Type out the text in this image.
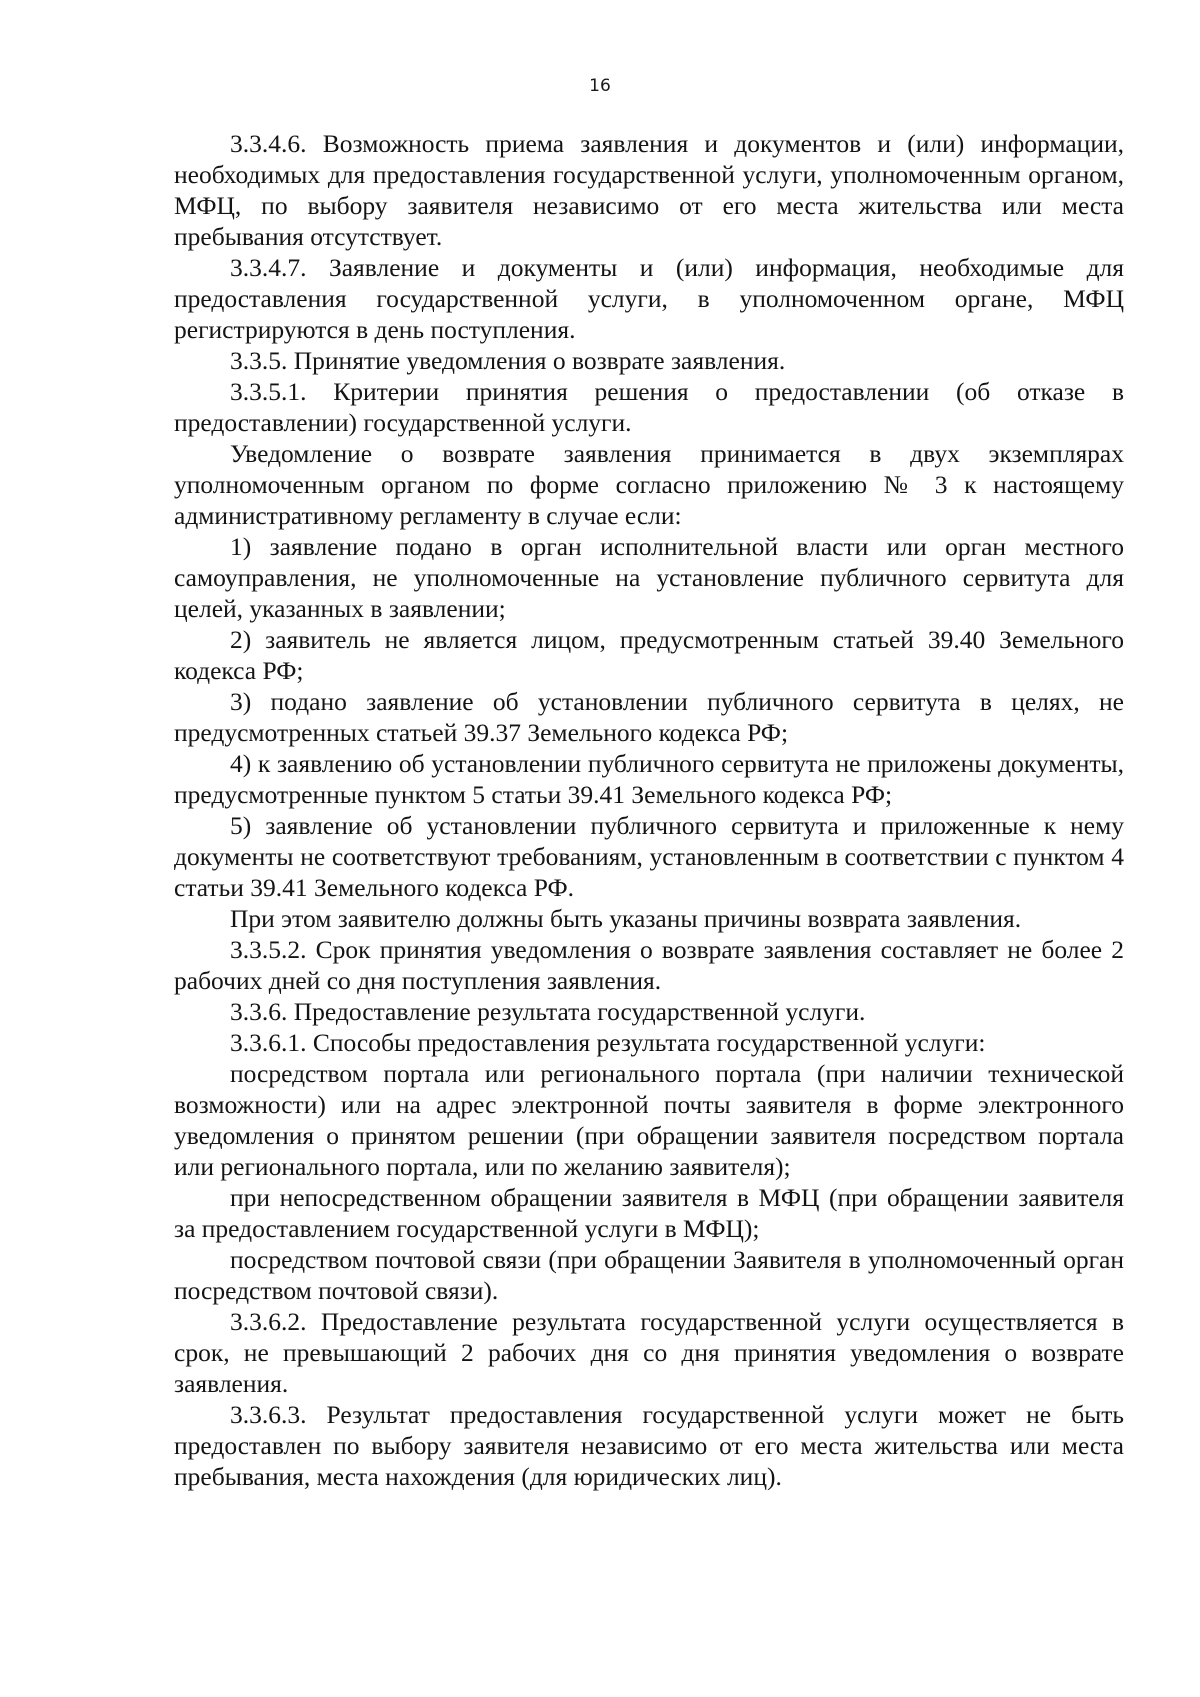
16

3.3.4.6. Возможность приема заявления и документов и (или) информации, необходимых для предоставления государственной услуги, уполномоченным органом, МФЦ, по выбору заявителя независимо от его места жительства или места пребывания отсутствует.

3.3.4.7. Заявление и документы и (или) информация, необходимые для предоставления государственной услуги, в уполномоченном органе, МФЦ регистрируются в день поступления.

3.3.5. Принятие уведомления о возврате заявления.

3.3.5.1. Критерии принятия решения о предоставлении (об отказе в предоставлении) государственной услуги.

Уведомление о возврате заявления принимается в двух экземплярах уполномоченным органом по форме согласно приложению № 3 к настоящему административному регламенту в случае если:

1) заявление подано в орган исполнительной власти или орган местного самоуправления, не уполномоченные на установление публичного сервитута для целей, указанных в заявлении;

2) заявитель не является лицом, предусмотренным статьей 39.40 Земельного кодекса РФ;

3) подано заявление об установлении публичного сервитута в целях, не предусмотренных статьей 39.37 Земельного кодекса РФ;

4) к заявлению об установлении публичного сервитута не приложены документы, предусмотренные пунктом 5 статьи 39.41 Земельного кодекса РФ;

5) заявление об установлении публичного сервитута и приложенные к нему документы не соответствуют требованиям, установленным в соответствии с пунктом 4 статьи 39.41 Земельного кодекса РФ.

При этом заявителю должны быть указаны причины возврата заявления.

3.3.5.2. Срок принятия уведомления о возврате заявления составляет не более 2 рабочих дней со дня поступления заявления.

3.3.6. Предоставление результата государственной услуги.

3.3.6.1. Способы предоставления результата государственной услуги:

посредством портала или регионального портала (при наличии технической возможности) или на адрес электронной почты заявителя в форме электронного уведомления о принятом решении (при обращении заявителя посредством портала или регионального портала, или по желанию заявителя);

при непосредственном обращении заявителя в МФЦ (при обращении заявителя за предоставлением государственной услуги в МФЦ);

посредством почтовой связи (при обращении Заявителя в уполномоченный орган посредством почтовой связи).

3.3.6.2. Предоставление результата государственной услуги осуществляется в срок, не превышающий 2 рабочих дня со дня принятия уведомления о возврате заявления.

3.3.6.3. Результат предоставления государственной услуги может не быть предоставлен по выбору заявителя независимо от его места жительства или места пребывания, места нахождения (для юридических лиц).
